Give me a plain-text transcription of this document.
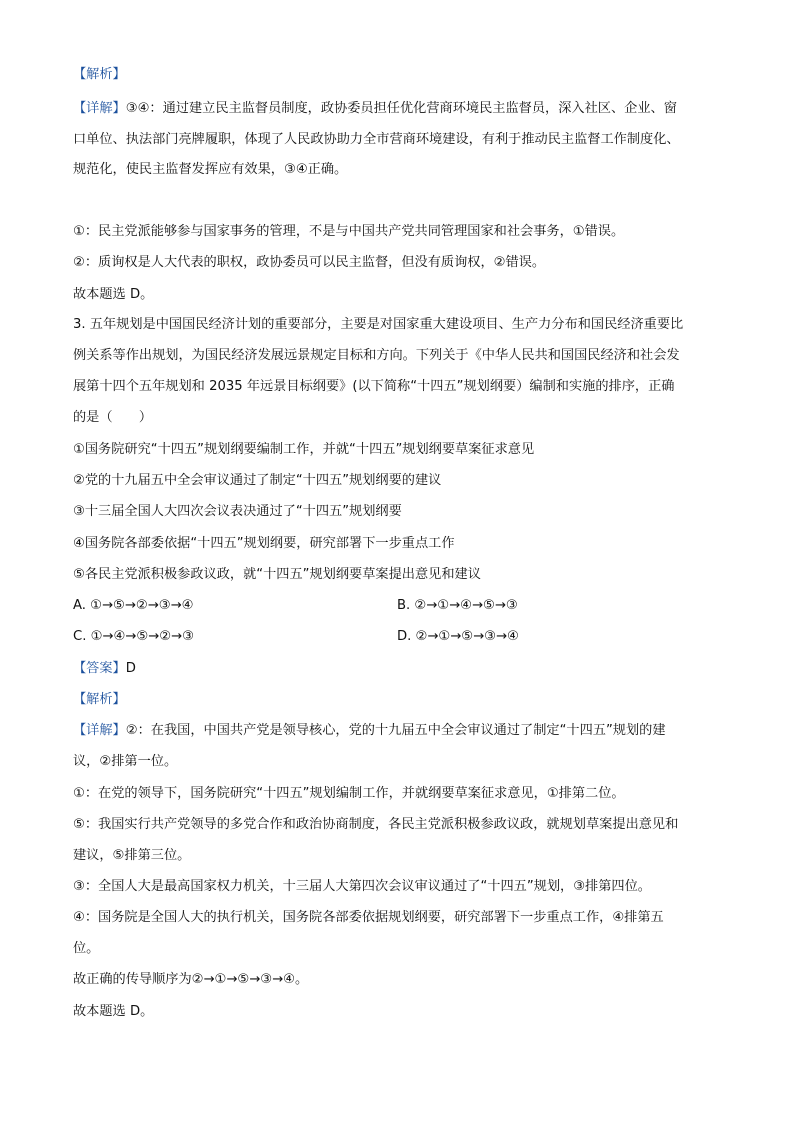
【解析】

【详解】③④：通过建立民主监督员制度，政协委员担任优化营商环境民主监督员，深入社区、企业、窗

口单位、执法部门亮牌履职，体现了人民政协助力全市营商环境建设，有利于推动民主监督工作制度化、

规范化，使民主监督发挥应有效果，③④正确。

①：民主党派能够参与国家事务的管理，不是与中国共产党共同管理国家和社会事务，①错误。

②：质询权是人大代表的职权，政协委员可以民主监督，但没有质询权，②错误。

故本题选 D。

3. 五年规划是中国国民经济计划的重要部分，主要是对国家重大建设项目、生产力分布和国民经济重要比

例关系等作出规划，为国民经济发展远景规定目标和方向。下列关于《中华人民共和国国民经济和社会发

展第十四个五年规划和 2035 年远景目标纲要》(以下简称“十四五”规划纲要）编制和实施的排序，正确

的是（　　）

①国务院研究“十四五”规划纲要编制工作，并就“十四五”规划纲要草案征求意见

②党的十九届五中全会审议通过了制定“十四五”规划纲要的建议

③十三届全国人大四次会议表决通过了“十四五”规划纲要

④国务院各部委依据“十四五”规划纲要，研究部署下一步重点工作

⑤各民主党派积极参政议政，就“十四五”规划纲要草案提出意见和建议

A. ①→⑤→②→③→④	B. ②→①→④→⑤→③

C. ①→④→⑤→②→③	D. ②→①→⑤→③→④

【答案】D

【解析】

【详解】②：在我国，中国共产党是领导核心，党的十九届五中全会审议通过了制定“十四五”规划的建

议，②排第一位。

①：在党的领导下，国务院研究“十四五”规划编制工作，并就纲要草案征求意见，①排第二位。

⑤：我国实行共产党领导的多党合作和政治协商制度，各民主党派积极参政议政，就规划草案提出意见和

建议，⑤排第三位。

③：全国人大是最高国家权力机关，十三届人大第四次会议审议通过了“十四五”规划，③排第四位。

④：国务院是全国人大的执行机关，国务院各部委依据规划纲要，研究部署下一步重点工作，④排第五

位。

故正确的传导顺序为②→①→⑤→③→④。

故本题选 D。
